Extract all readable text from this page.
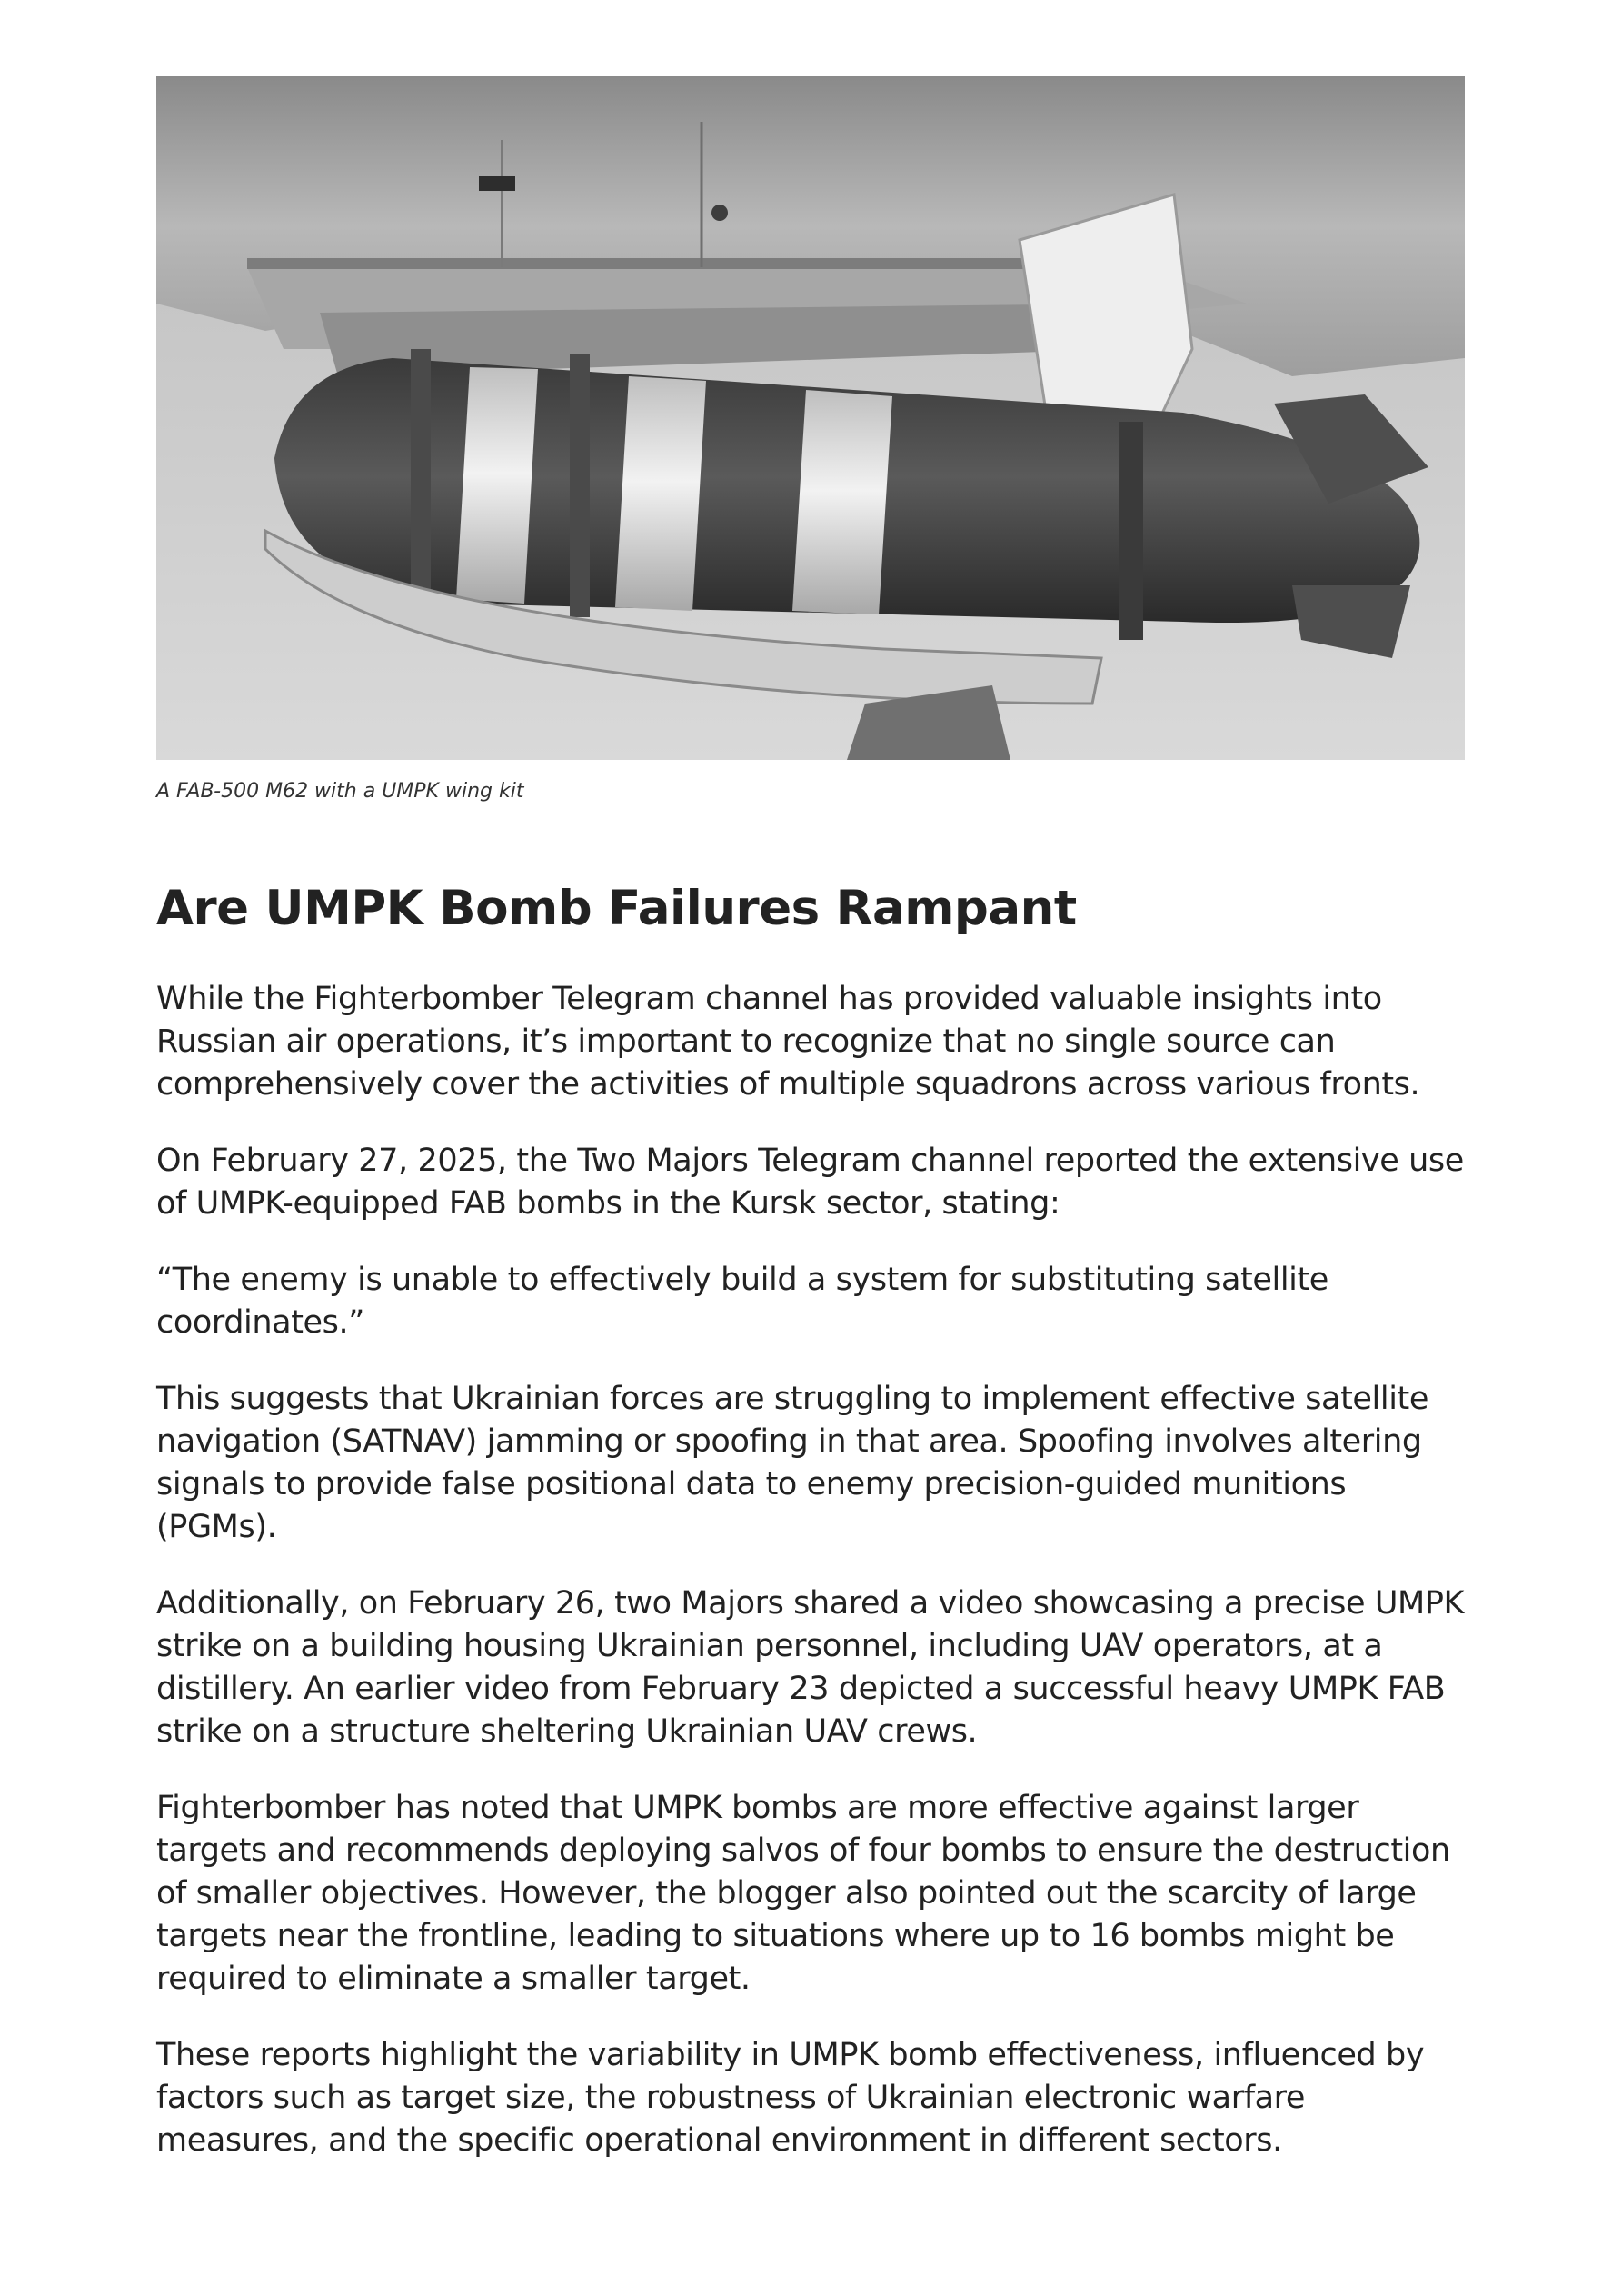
A FAB-500 M62 with a UMPK wing kit
Are UMPK Bomb Failures Rampant

While the Fighterbomber Telegram channel has provided valuable insights into Russian air operations, it’s important to recognize that no single source can comprehensively cover the activities of multiple squadrons across various fronts.

On February 27, 2025, the Two Majors Telegram channel reported the extensive use of UMPK-equipped FAB bombs in the Kursk sector, stating:

“The enemy is unable to effectively build a system for substituting satellite coordinates.”

This suggests that Ukrainian forces are struggling to implement effective satellite navigation (SATNAV) jamming or spoofing in that area. Spoofing involves altering signals to provide false positional data to enemy precision-guided munitions (PGMs).

Additionally, on February 26, two Majors shared a video showcasing a precise UMPK strike on a building housing Ukrainian personnel, including UAV operators, at a distillery. An earlier video from February 23 depicted a successful heavy UMPK FAB strike on a structure sheltering Ukrainian UAV crews.

Fighterbomber has noted that UMPK bombs are more effective against larger targets and recommends deploying salvos of four bombs to ensure the destruction of smaller objectives. However, the blogger also pointed out the scarcity of large targets near the frontline, leading to situations where up to 16 bombs might be required to eliminate a smaller target.

These reports highlight the variability in UMPK bomb effectiveness, influenced by factors such as target size, the robustness of Ukrainian electronic warfare measures, and the specific operational environment in different sectors.
